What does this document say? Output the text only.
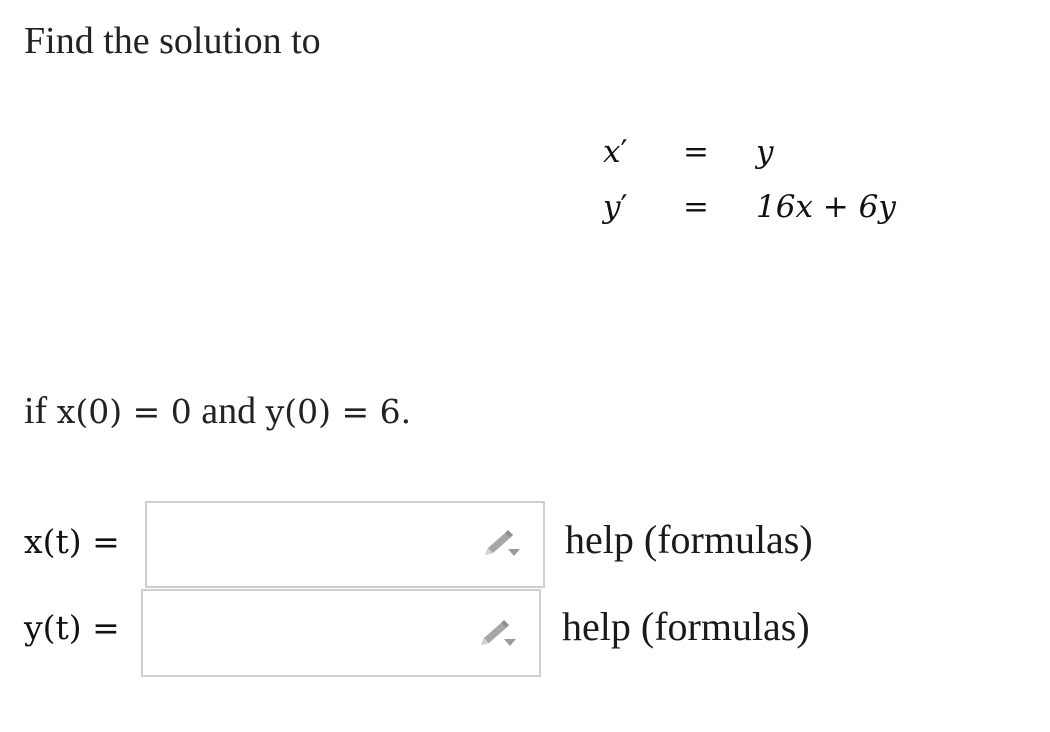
Find the solution to
x′ = y
y′ = 16x + 6y
if x(0) = 0 and y(0) = 6.
x(t) =	help (formulas)
y(t) =	help (formulas)
